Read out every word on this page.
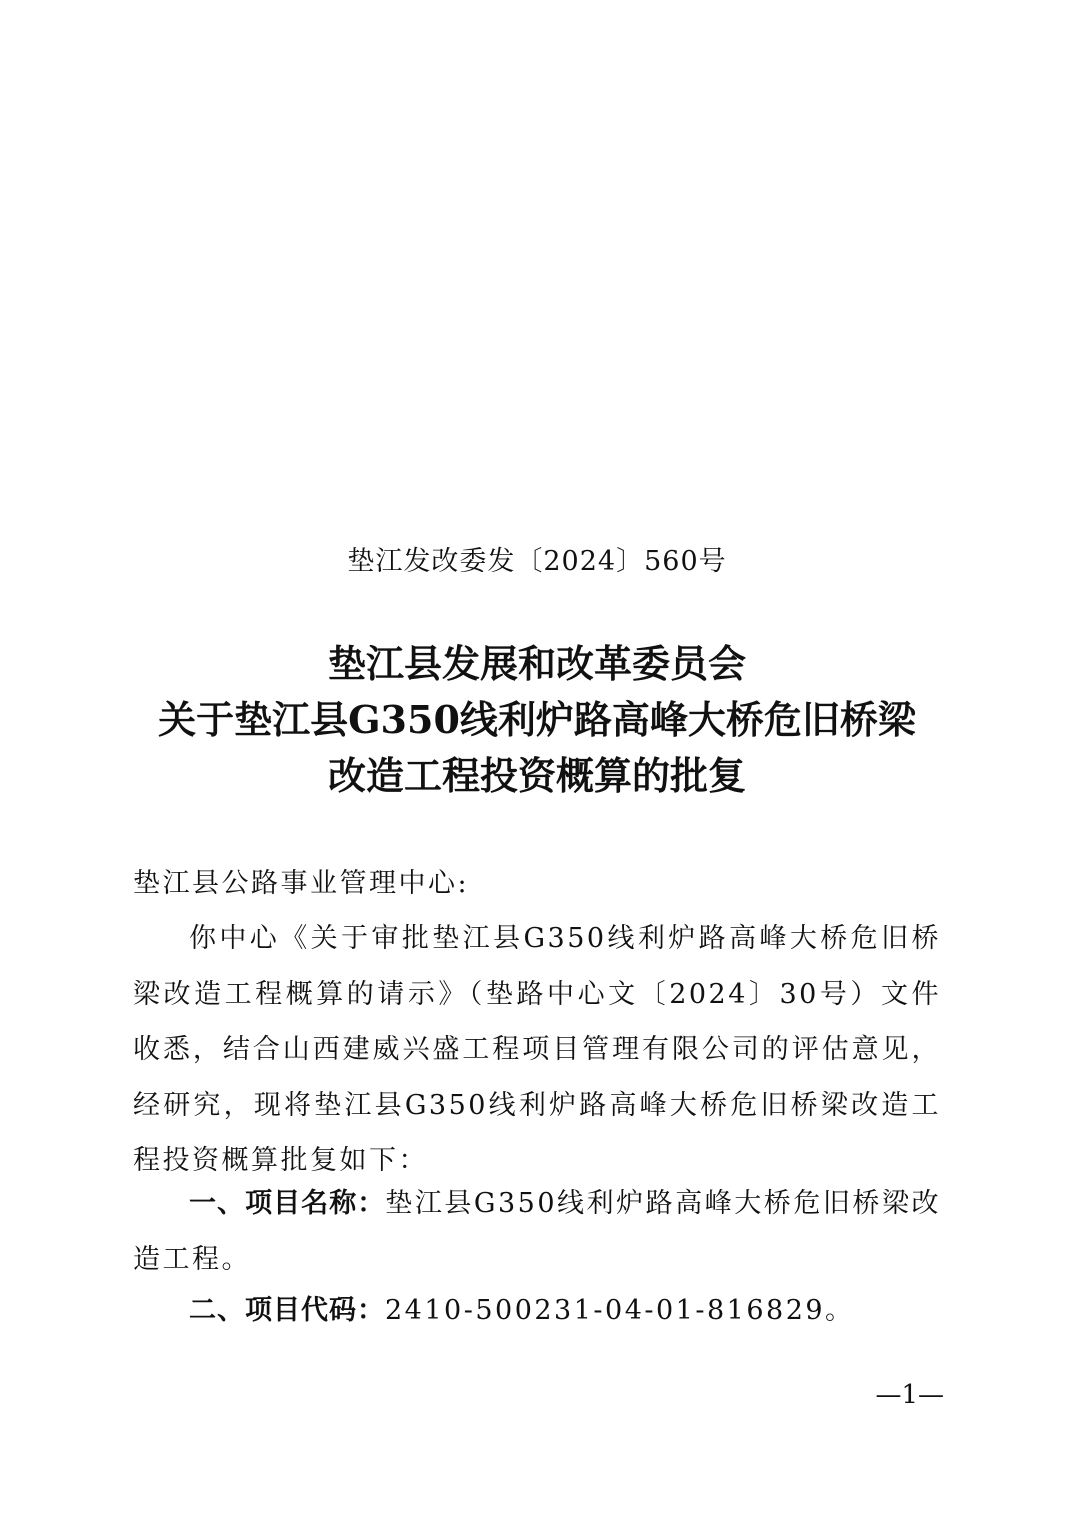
垫江发改委发〔2024〕560号
垫江县发展和改革委员会
关于垫江县G350线利炉路高峰大桥危旧桥梁
改造工程投资概算的批复
垫江县公路事业管理中心:
你中心《关于审批垫江县G350线利炉路高峰大桥危旧桥梁改造工程概算的请示》（垫路中心文〔2024〕30号）文件收悉，结合山西建威兴盛工程项目管理有限公司的评估意见，经研究，现将垫江县G350线利炉路高峰大桥危旧桥梁改造工程投资概算批复如下：
一、项目名称：垫江县G350线利炉路高峰大桥危旧桥梁改造工程。
二、项目代码：2410-500231-04-01-816829。
—1—
